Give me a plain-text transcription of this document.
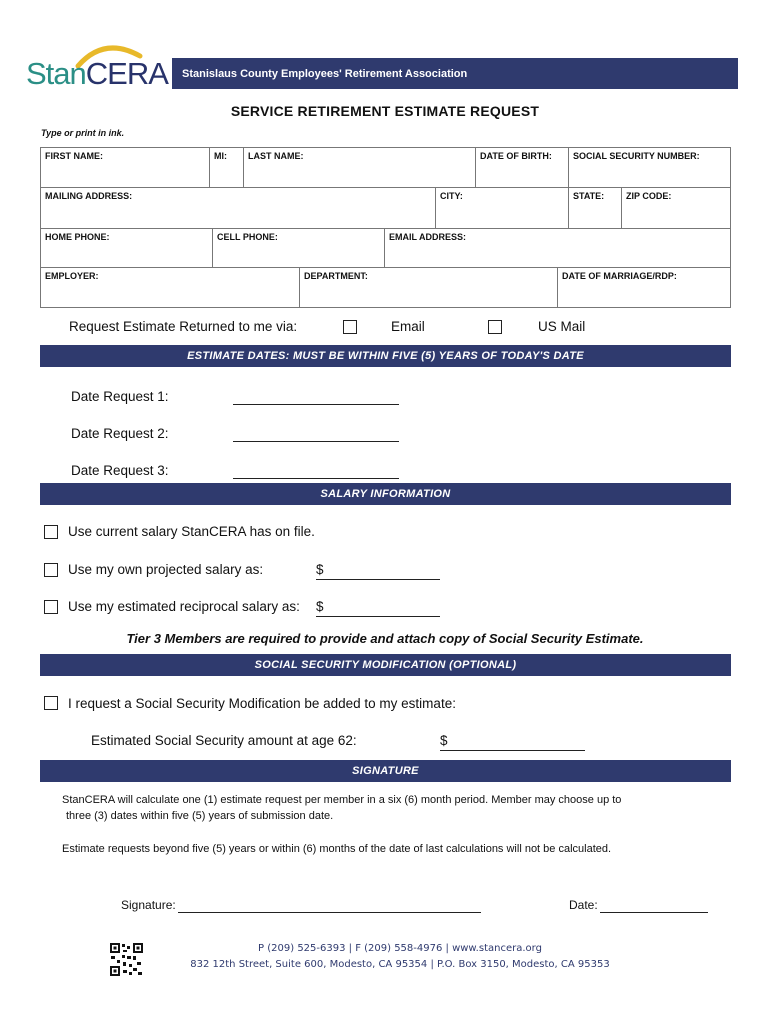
StanCERA	Stanislaus County Employees' Retirement Association
SERVICE RETIREMENT ESTIMATE REQUEST
Type or print in ink.
FIRST NAME:	MI:	LAST NAME:	DATE OF BIRTH:	SOCIAL SECURITY NUMBER:
MAILING ADDRESS:	CITY:	STATE:	ZIP CODE:
HOME PHONE:	CELL PHONE:	EMAIL ADDRESS:
EMPLOYER:	DEPARTMENT:	DATE OF MARRIAGE/RDP:
Request Estimate Returned to me via:	Email	US Mail
ESTIMATE DATES: MUST BE WITHIN FIVE (5) YEARS OF TODAY'S DATE
Date Request 1:
Date Request 2:
Date Request 3:
SALARY INFORMATION
Use current salary StanCERA has on file.
Use my own projected salary as:	$
Use my estimated reciprocal salary as: $
Tier 3 Members are required to provide and attach copy of Social Security Estimate.
SOCIAL SECURITY MODIFICATION (OPTIONAL)
I request a Social Security Modification be added to my estimate:
Estimated Social Security amount at age 62:	$
SIGNATURE
StanCERA will calculate one (1) estimate request per member in a six (6) month period. Member may choose up to
three (3) dates within five (5) years of submission date.
Estimate requests beyond five (5) years or within (6) months of the date of last calculations will not be calculated.
Signature:	Date:
P (209) 525-6393 | F (209) 558-4976 | www.stancera.org
832 12th Street, Suite 600, Modesto, CA 95354 | P.O. Box 3150, Modesto, CA 95353
